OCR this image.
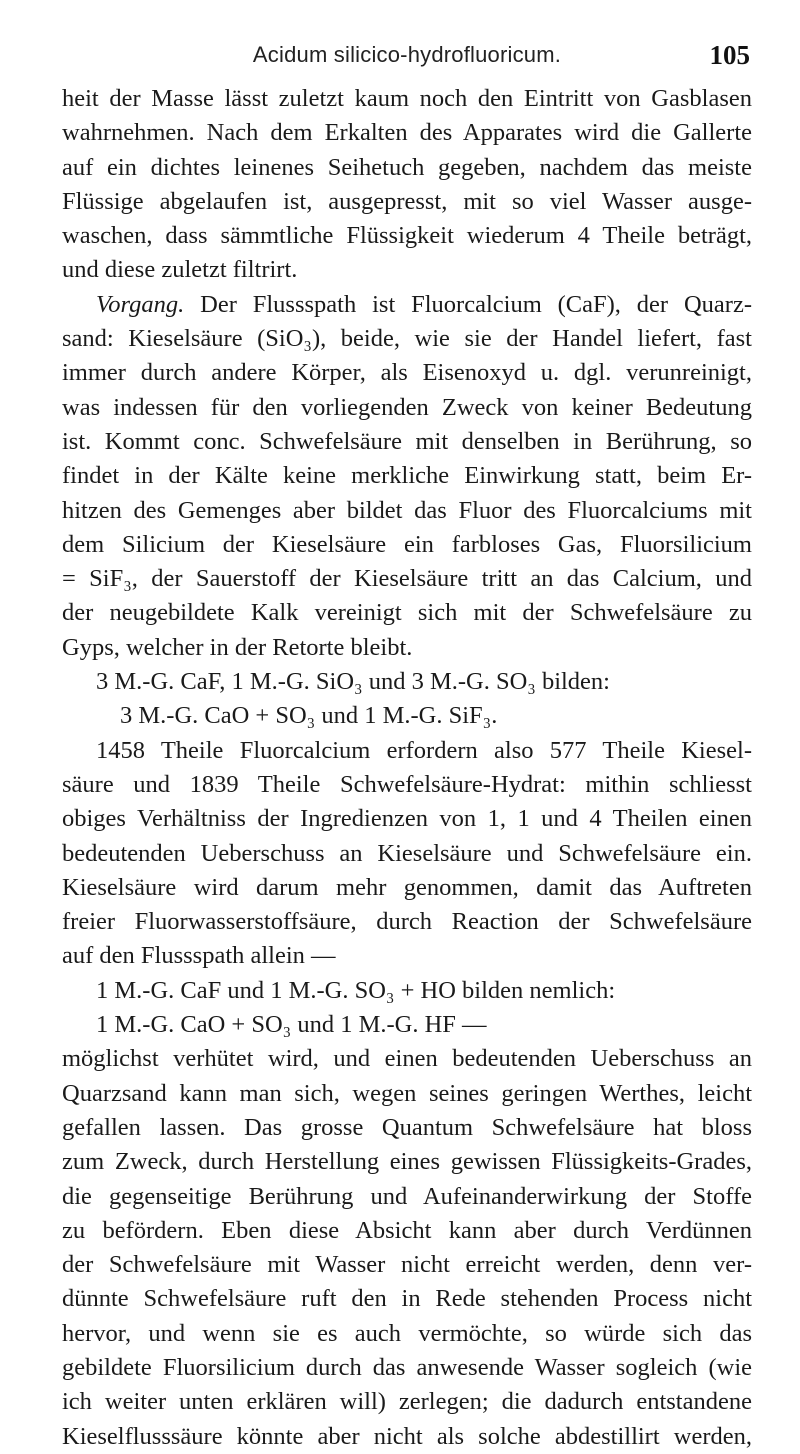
Acidum silicico-hydrofluoricum.	105
heit der Masse lässt zuletzt kaum noch den Eintritt von Gasblasen
wahrnehmen. Nach dem Erkalten des Apparates wird die Gallerte
auf ein dichtes leinenes Seihetuch gegeben, nachdem das meiste
Flüssige abgelaufen ist, ausgepresst, mit so viel Wasser ausge-
waschen, dass sämmtliche Flüssigkeit wiederum 4 Theile beträgt,
und diese zuletzt filtrirt.
Vorgang. Der Flussspath ist Fluorcalcium (CaF), der Quarz-
sand: Kieselsäure (SiO₃), beide, wie sie der Handel liefert, fast
immer durch andere Körper, als Eisenoxyd u. dgl. verunreinigt,
was indessen für den vorliegenden Zweck von keiner Bedeutung
ist. Kommt conc. Schwefelsäure mit denselben in Berührung, so
findet in der Kälte keine merkliche Einwirkung statt, beim Er-
hitzen des Gemenges aber bildet das Fluor des Fluorcalciums mit
dem Silicium der Kieselsäure ein farbloses Gas, Fluorsilicium
= SiF₃, der Sauerstoff der Kieselsäure tritt an das Calcium, und
der neugebildete Kalk vereinigt sich mit der Schwefelsäure zu
Gyps, welcher in der Retorte bleibt.
3 M.-G. CaF, 1 M.-G. SiO₃ und 3 M.-G. SO₃ bilden:
3 M.-G. CaO + SO₃ und 1 M.-G. SiF₃.
1458 Theile Fluorcalcium erfordern also 577 Theile Kiesel-
säure und 1839 Theile Schwefelsäure-Hydrat: mithin schliesst
obiges Verhältniss der Ingredienzen von 1, 1 und 4 Theilen einen
bedeutenden Ueberschuss an Kieselsäure und Schwefelsäure ein.
Kieselsäure wird darum mehr genommen, damit das Auftreten
freier Fluorwasserstoffsäure, durch Reaction der Schwefelsäure
auf den Flussspath allein —
1 M.-G. CaF und 1 M.-G. SO₃ + HO bilden nemlich:
1 M.-G. CaO + SO₃ und 1 M.-G. HF —
möglichst verhütet wird, und einen bedeutenden Ueberschuss an
Quarzsand kann man sich, wegen seines geringen Werthes, leicht
gefallen lassen. Das grosse Quantum Schwefelsäure hat bloss
zum Zweck, durch Herstellung eines gewissen Flüssigkeits-Grades,
die gegenseitige Berührung und Aufeinanderwirkung der Stoffe
zu befördern. Eben diese Absicht kann aber durch Verdünnen
der Schwefelsäure mit Wasser nicht erreicht werden, denn ver-
dünnte Schwefelsäure ruft den in Rede stehenden Process nicht
hervor, und wenn sie es auch vermöchte, so würde sich das
gebildete Fluorsilicium durch das anwesende Wasser sogleich (wie
ich weiter unten erklären will) zerlegen; die dadurch entstandene
Kieselflusssäure könnte aber nicht als solche abdestillirt werden,
